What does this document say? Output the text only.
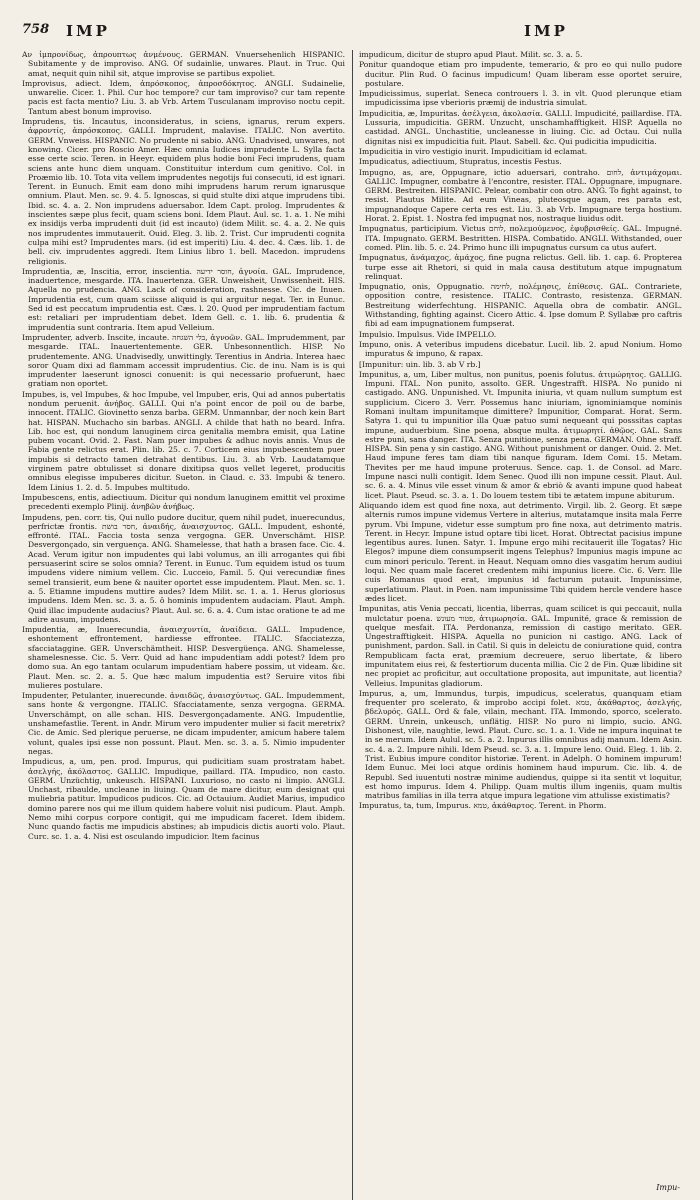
758 IMP	IMP

Αν ἰμπρονίδως, ἀπρουπτως ἀνμένους. GERMAN. Vnuersehenlich HISPANIC. Subitamente y de improviso. ANG. Of sudainlie, unwares. Plaut. in Truc. Qui amat, nequit quin nihil sit, atque improvise se partibus expoliet.

Improvisus, adiect. Idem, ἀπρόσκοπος, ἀπροσδόκητος. ANGLI. Sudainelie, unwarelie. Cicer. 1. Phil. Cur hoc tempore? cur tam improviso? cur tam repente pacis est facta mentio? Liu. 3. ab Vrb. Artem Tusculanam improviso noctu cepit. Tantum abest bonum improviso.

Imprudens, tis. Incautus, inconsideratus, in sciens, ignarus, rerum expers. ἀφροντίς, ἀπρόσκοπος. GALLI. Imprudent, malavise. ITALIC. Non avertito. GERM. Vnweiss. HISPANIC. No prudente ni sabio. ANG. Unadvised, unwares, not knowing. Cicer. pro Roscio Amer. Hæc omnia Iudices imprudente L. Sylla facta esse certe scio. Teren. in Heeyr. equidem plus hodie boni Feci imprudens, quam sciens ante hunc diem unquam. Constituitur interdum cum genitivo. Col. in Proæmio lib. 10. Tota vita vellem imprudentes negotijs fui consecuti, id est ignari. Terent. in Eunuch. Emit eam dono mihi imprudens harum rerum ignarusque omnium. Plaut. Men. sc. 9. 4. 5. Ignoscas, si quid stulte dixi atque imprudens tibi. Ibid. sc. 4. a. 2. Non imprudens aduersabor. Idem Capt. prolog. Imprudentes & inscientes sæpe plus fecit, quam sciens boni. Idem Plaut. Aul. sc. 1. a. 1. Ne mihi ex insidijs verba imprudenti duit (id est incauto) (idem Milit. sc. 4. a. 2. Ne quis nos imprudentes immutauerit. Ouid. Eleg. 3. lib. 2. Trist. Cur imprudenti cognita culpa mihi est? Imprudentes mars. (id est imperiti) Liu. 4. dec. 4. Cæs. lib. 1. de bell. civ. imprudentes aggredi. Item Linius libro 1. bell. Macedon. imprudens religionis.

Imprudentia, æ, Inscitia, error, inscientia. חוסר ידיעה, ἀγνοία. GAL. Imprudence, inaduertence, mesgarde. ITA. Inauertenza. GER. Unweisheit, Unwissenheit. HIS. Aquella no prudencia. ANG. Lack of consideration, rashnesse. Cic. de Inuen. Imprudentia est, cum quam sciisse aliquid is qui arguitur negat. Ter. in Eunuc. Sed id est peccatum imprudentia est. Cæs. l. 20. Quod per imprudentiam factum est: retaliari per imprudentiam debet. Idem Gell. c. 1. lib. 6. prudentia & imprudentia sunt contraria. Item apud Velleium.

Imprudenter, adverb. Inscite, incaute. בלי השגחה, ἀγνοῶν. GAL. Imprudemment, par mesgarde. ITAL. Inauertentemente. GER. Unbesonnentlich. HISP. No prudentemente. ANG. Unadvisedly, unwittingly. Terentius in Andria. Interea haec soror Quam dixi ad flammam accessit imprudentius. Cic. de inu. Nam is is qui imprudenter laeserunt ignosci conuenit: is qui necessario profuerunt, haec gratiam non oportet.

Impubes, is, vel Impubes, & hoc Impube, vel Impuber, eris, Qui ad annos pubertatis nondum peruenit. ἀνήβος. GALLI. Qui n'a point encor de poil ou de barbe, innocent. ITALIC. Giovinetto senza barba. GERM. Unmannbar, der noch kein Bart hat. HISPAN. Muchacho sin barbas. ANGLI. A childe that hath no beard. Infra. Lib. hoc est, qui nondum lanuginem circa genitalia membra emisit, qua Latine pubem vocant. Ovid. 2. Fast. Nam puer impubes & adhuc novis annis. Vnus de Fabia gente relictus erat. Plin. lib. 25. c. 7. Corticem eius impubescentem puer impubis si detracto tamen detrahat dentibus. Liu. 3. ab Vrb. Laudatamque virginem patre obtulisset si donare dixitipsa quos vellet legeret, producitis omnibus elegisse impuberes dicitur. Sueton. in Claud. c. 33. Impubi & tenero. Idem Linius 1. 2. d. 5. Impubes multitudo.

Impubescens, entis, adiectiuum. Dicitur qui nondum lanuginem emittit vel proxime precedenti exemplo Plinij. ἀνηβῶν ἀνήβως.

Impudens, pen. corr. tis, Qui nullo pudore ducitur, quem nihil pudet, inuerecundus, perfrictæ frontis. חסר בושת, ἀναιδής, ἀναισχυντος. GALL. Impudent, eshonté, effronté. ITAL. Faccia tosta senza vergogna. GER. Unverschämt. HISP. Desvergonçado, sin verguença. ANG. Shamelesse, that hath a brasen face. Cic. 4. Acad. Verum igitur non impudentes qui labi volumus, an illi arrogantes qui fibi persuaserint scire se solos omnia? Terent. in Eunuc. Tum equidem istud os tuum impudens videre nimium vellem. Cic. Lucceio, Famil. 5. Qui verecundiæ fines semel transierit, eum bene & nauiter oportet esse impudentem. Plaut. Men. sc. 1. a. 5. Etiamne impudens muttire audes? Idem Milit. sc. 1. a. 1. Herus gloriosus impudens. Idem Men. sc. 3. a. 5. ô hominis impudentem audaciam. Plaut. Amph. Quid illac impudente audacius? Plaut. Aul. sc. 6. a. 4. Cum istac oratione te ad me adire ausum, impudens.

Impudentia, æ, Inuerecundia, ἀναισχυντία, ἀναίδεια. GALL. Impudence, eshontement effrontement, hardiesse effrontee. ITALIC. Sfacciatezza, sfacciataggine. GER. Unverschämtheit. HISP. Desvergüença. ANG. Shamelesse, shamelesnesse. Cic. 5. Verr. Quid ad hanc impudentiam addi potest? Idem pro domo sua. An ego tantam ocularum impudentiam habere possim, ut videam. &c. Plaut. Men. sc. 2. a. 5. Que hæc malum impudentia est? Seruire vitos fibi mulieres postulare.

Impudenter, Petulanter, inuerecunde. ἀναιδῶς, ἀναισχύντως. GAL. Impudemment, sans honte & vergongne. ITALIC. Sfacciatamente, senza vergogna. GERMA. Unverschämpt, on alle schan. HIS. Desvergonçadamente. ANG. Impudentlie, unshamefastlie. Terent. in Andr. Mirum vero impudenter mulier si facit meretrix? Cic. de Amic. Sed plerique peruerse, ne dicam impudenter, amicum habere talem volunt, quales ipsi esse non possunt. Plaut. Men. sc. 3. a. 5. Nimio impudenter negas.

Impudicus, a, um, pen. prod. Impurus, qui pudicitiam suam prostratam habet. ἀσελγής, ἀκόλαστος. GALLIC. Impudique, paillard. ITA. Impudico, non casto. GERM. Unzüchtig, unkeusch. HISPANI. Luxurioso, no casto ni limpio. ANGLI. Unchast, ribaulde, uncleane in liuing. Quam de mare dicitur, eum designat qui muliebria patitur. Impudicos pudicos. Cic. ad Octauium. Audiet Marius, impudico domino parere nos qui me illum quidem habere voluit nisi pudicum. Plaut. Amph. Nemo mihi corpus corpore contigit, qui me impudicam faceret. Idem ibidem. Nunc quando factis me impudicis abstines; ab impudicis dictis auorti volo. Plaut. Curc. sc. 1. a. 4. Nisi est osculando impudicior. Item facinus

impudicum, dicitur de stupro apud Plaut. Milit. sc. 3. a. 5.

Ponitur quandoque etiam pro impudente, temerario, & pro eo qui nullo pudore ducitur. Plin Rud. O facinus impudicum! Quam liberam esse oportet seruire, postulare.

Impudicissimus, superlat. Seneca controuers l. 3. in vlt. Quod plerunque etiam impudicissima ipse vberioris præmij de industria simulat.

Impudicitia, æ, Impuritas. ἀσέλγεια, ἀκολασία. GALLI. Impudicité, paillardise. ITA. Lussuria, impudicitia. GERM. Unzucht, unschamhafftigkeit. HISP. Aquella no castidad. ANGL. Unchastitie, uncleanesse in liuing. Cic. ad Octau. Cui nulla dignitas nisi ex impudicitia fuit. Plaut. Sabell. &c. Qui pudicitia impudicitia.

Impudicitia in viro vestigio inurit. Impudicitiam id eclamat.

Impudicatus, adiectiuum, Stupratus, incestis Festus.

Impugno, as, are, Oppugnare, ictio aduersari, contraho. לחום, ἀντιμάχομαι. GALLIC. Impugner, combatre à l'encontre, resister. ITAL. Oppugnare, impugnare. GERM. Bestreiten. HISPANIC. Pelear, combatir con otro. ANG. To fight against, to resist. Plautus Milite. Ad eum Vineas, pluteosque agam, res parata est, impugnandoque Capere certa res est. Liu. 3. ab Vrb. Impugnare terga hostium. Horat. 2. Epist. 1. Nostra fed impugnat nos, nostraque liuidus odit.

Impugnatus, participium. Victus לוחם, πολεμούμενος, ἐφυβρισθείς. GAL. Impugné. ITA. Impugnato. GERM. Bestritten. HISPA. Combatido. ANGLI. Withstanded, ouer comed. Plin. lib. 5. c. 24. Primo hunc illi impugnatus cursum ca utus aufert.

Impugnatus, ἀνάμαχος, ἀμάχος, fine pugna relictus. Gell. lib. 1. cap. 6. Propterea turpe esse ait Rhetori, si quid in mala causa destitutum atque impugnatum relinquat.

Impugnatio, onis, Oppugnatio. לחימה, πολέμησις, ἐπίθεσις. GAL. Contrariete, opposition contre, resistence. ITALIC. Contrasto, resistenza. GERMAN. Bestreitung widerfechtung. HISPANIC. Aquella obra de combatir. ANGL. Withstanding, fighting against. Cicero Attic. 4. Ipse domum P. Syllabæ pro caftris fibi ad eam impugnationem fumpserat.

Impulsio. Impulsus. Vide IMPELLO.

Impuno, onis. A veteribus impudens dicebatur. Lucil. lib. 2. apud Nonium. Homo impuratus & impuno, & rapax.

[Impunitur: uin. lib. 3. ab V rb.]

Impunitus, a, um, Liber multus, non punitus, poenis folutus. ἀτιμώρητος. GALLIG. Impuni. ITAL. Non punito, assolto. GER. Ungestrafft. HISPA. No punido ni castigado. ANG. Unpunished. Vt. Impunita iniuria, vt quam nullum sumptum est supplicium. Cicero 3. Verr. Possemus hanc iniuriam, ignominiamque nominis Romani inultam impunitamque dimittere? Impunitior, Comparat. Horat. Serm. Satyra 1. qui tu impunitior illa Quæ patuo sumi nequeant qui posssitas captas impune, auduerbium. Sine poena, absque multa. ἀτιμωρητί. ἀθῷος. GAL. Sans estre puni, sans danger. ITA. Senza punitione, senza pena. GERMAN. Ohne straff. HISPA. Sin pena y sin castigo. ANG. Without punishment or danger. Ouid. 2. Met. Haud impune feres tam diam tibi nanque figuram. Idem Comi. 15. Metam. Thevites per me haud impune proteruus. Sence. cap. 1. de Consol. ad Marc. Impune nasci nulli contigit. Idem Senec. Quod illi non impune cessit. Plaut. Aul. sc. 6. a. 4. Minus vile esset vinum & amor & ebriò & avanti impune quod habeat licet. Plaut. Pseud. sc. 3. a. 1. Do louem testem tibi te ætatem impune abiturum.

Aliquando idem est quod fine noxa, aut detrimento. Virgil. lib. 2. Georg. Et sæpe alternis rumos impune videmus Vertere in alterius, mutatamque insita mala Ferre pyrum. Vbi Impune, videtur esse sumptum pro fine noxa, aut detrimento matris. Terent. in Hecyr. Impune istud optare tibi licet. Horat. Obtrectat pacisius impune legentibus aures. Iunen. Satyr. 1. Impune ergo mihi recitauerit ille Togatas? Hic Elegos? impune diem consumpserit ingens Telephus? Impunius magis impune ac cum minori periculo. Terent. in Heaut. Nequam omno dies vasgatim herum audiui loqui. Nec quam male faceret credentem mihi impunius licere. Cic. 6. Verr. Ille cuis Romanus quod erat, impunius id facturum putauit. Impunissime, superlatiuum. Plaut. in Poen. nam impunissime Tibi quidem hercle vendere hasce ædes licet.

Impunitas, atis Venia peccati, licentia, liberras, quam scilicet is qui peccauit, nulla mulctatur poena. פטור מעונש, ἀτιμωρησία. GAL. Impunité, grace & remission de quelque mesfait. ITA. Perdonanza, remission di castigo meritato. GER. Ungestrafftigkeit. HISPA. Aquella no punicion ni castigo. ANG. Lack of punishment, pardon. Sall. in Catil. Si quis in deleictu de coniuratione quid, contra Rempublicam facta erat, præmium decreuere, seruo libertate, & libero impunitatem eius rei, & festertiorum ducenta millia. Cic 2 de Fin. Quæ libidine sit nec propiet ac proficitur, aut occultatione proposita, aut impunitate, aut licentia? Velleius. Impunitas gladiorum.

Impurus, a, um, Immundus, turpis, impudicus, sceleratus, quanquam etiam frequenter pro scelerato, & improbo accipi folet. טמא, ἀκάθαρτος, ἀσελγής, βδελυρός. GALL. Ord & fale, vilain, mechant. ITA. Immondo, sporco, scelerato. GERM. Unrein, unkeusch, unflätig. HISP. No puro ni limpio, sucio. ANG. Dishonest, vile, naughtie, lewd. Plaut. Curc. sc. 1. a. 1. Vide ne impura inquinat te in se merum. Idem Aulul. sc. 5. a. 2. Inpurus illis omnibus adij manum. Idem Asin. sc. 4. a. 2. Impure nihili. Idem Pseud. sc. 3. a. 1. Impure leno. Ouid. Eleg. 1. lib. 2. Trist. Eubius impure conditor historiæ. Terent. in Adelph. O hominem impurum! Idem Eunuc. Mei loci atque ordinis hominem haud impurum. Cic. lib. 4. de Republ. Sed iuuentuti nostræ minime audiendus, quippe si ita sentit vt loquitur, est homo impurus. Idem 4. Philipp. Quam multis illum ingeniis, quam multis matribus familias in illa terra atque impura legatione vim attulisse existimatis?

Impuratus, ta, tum, Impurus. טמא, ἀκάθαρτος. Terent. in Phorm.

Impu-
